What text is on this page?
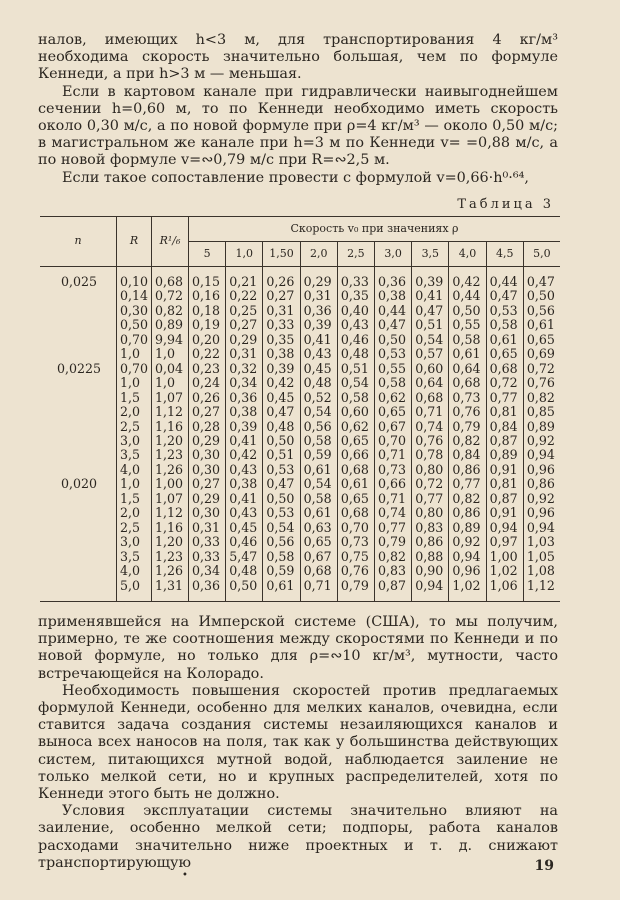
налов, имеющих h<3 м, для транспортирования 4 кг/м³ необходима скорость значительно большая, чем по формуле Кеннеди, а при h>3 м — меньшая.

Если в картовом канале при гидравлически наивыгоднейшем сечении h=0,60 м, то по Кеннеди необходимо иметь скорость около 0,30 м/с, а по новой формуле при ρ=4 кг/м³ — около 0,50 м/с; в магистральном же канале при h=3 м по Кеннеди v= =0,88 м/с, а по новой формуле v=∾0,79 м/с при R=∾2,5 м.

Если такое сопоставление провести с формулой v=0,66·h⁰·⁶⁴,

Таблица 3
n	R	R¹/₆	Скорость v₀ при значениях ρ									
			5	1,0	1,50	2,0	2,5	3,0	3,5	4,0	4,5	5,0
0,025	0,10	0,68	0,15	0,21	0,26	0,29	0,33	0,36	0,39	0,42	0,44	0,47
	0,14	0,72	0,16	0,22	0,27	0,31	0,35	0,38	0,41	0,44	0,47	0,50
	0,30	0,82	0,18	0,25	0,31	0,36	0,40	0,44	0,47	0,50	0,53	0,56
	0,50	0,89	0,19	0,27	0,33	0,39	0,43	0,47	0,51	0,55	0,58	0,61
	0,70	9,94	0,20	0,29	0,35	0,41	0,46	0,50	0,54	0,58	0,61	0,65
	1,0	1,0	0,22	0,31	0,38	0,43	0,48	0,53	0,57	0,61	0,65	0,69
0,0225	0,70	0,04	0,23	0,32	0,39	0,45	0,51	0,55	0,60	0,64	0,68	0,72
	1,0	1,0	0,24	0,34	0,42	0,48	0,54	0,58	0,64	0,68	0,72	0,76
	1,5	1,07	0,26	0,36	0,45	0,52	0,58	0,62	0,68	0,73	0,77	0,82
	2,0	1,12	0,27	0,38	0,47	0,54	0,60	0,65	0,71	0,76	0,81	0,85
	2,5	1,16	0,28	0,39	0,48	0,56	0,62	0,67	0,74	0,79	0,84	0,89
	3,0	1,20	0,29	0,41	0,50	0,58	0,65	0,70	0,76	0,82	0,87	0,92
	3,5	1,23	0,30	0,42	0,51	0,59	0,66	0,71	0,78	0,84	0,89	0,94
	4,0	1,26	0,30	0,43	0,53	0,61	0,68	0,73	0,80	0,86	0,91	0,96
0,020	1,0	1,00	0,27	0,38	0,47	0,54	0,61	0,66	0,72	0,77	0,81	0,86
	1,5	1,07	0,29	0,41	0,50	0,58	0,65	0,71	0,77	0,82	0,87	0,92
	2,0	1,12	0,30	0,43	0,53	0,61	0,68	0,74	0,80	0,86	0,91	0,96
	2,5	1,16	0,31	0,45	0,54	0,63	0,70	0,77	0,83	0,89	0,94	0,94
	3,0	1,20	0,33	0,46	0,56	0,65	0,73	0,79	0,86	0,92	0,97	1,03
	3,5	1,23	0,33	5,47	0,58	0,67	0,75	0,82	0,88	0,94	1,00	1,05
	4,0	1,26	0,34	0,48	0,59	0,68	0,76	0,83	0,90	0,96	1,02	1,08
	5,0	1,31	0,36	0,50	0,61	0,71	0,79	0,87	0,94	1,02	1,06	1,12

применявшейся на Имперской системе (США), то мы получим, примерно, те же соотношения между скоростями по Кеннеди и по новой формуле, но только для ρ=∾10 кг/м³, мутности, часто встречающейся на Колорадо.

Необходимость повышения скоростей против предлагаемых формулой Кеннеди, особенно для мелких каналов, очевидна, если ставится задача создания системы незаиляющихся каналов и выноса всех наносов на поля, так как у большинства действующих систем, питающихся мутной водой, наблюдается заиление не только мелкой сети, но и крупных распределителей, хотя по Кеннеди этого быть не должно.

Условия эксплуатации системы значительно влияют на заиление, особенно мелкой сети; подпоры, работа каналов расходами значительно ниже проектных и т. д. снижают транспортирующую

•
19
